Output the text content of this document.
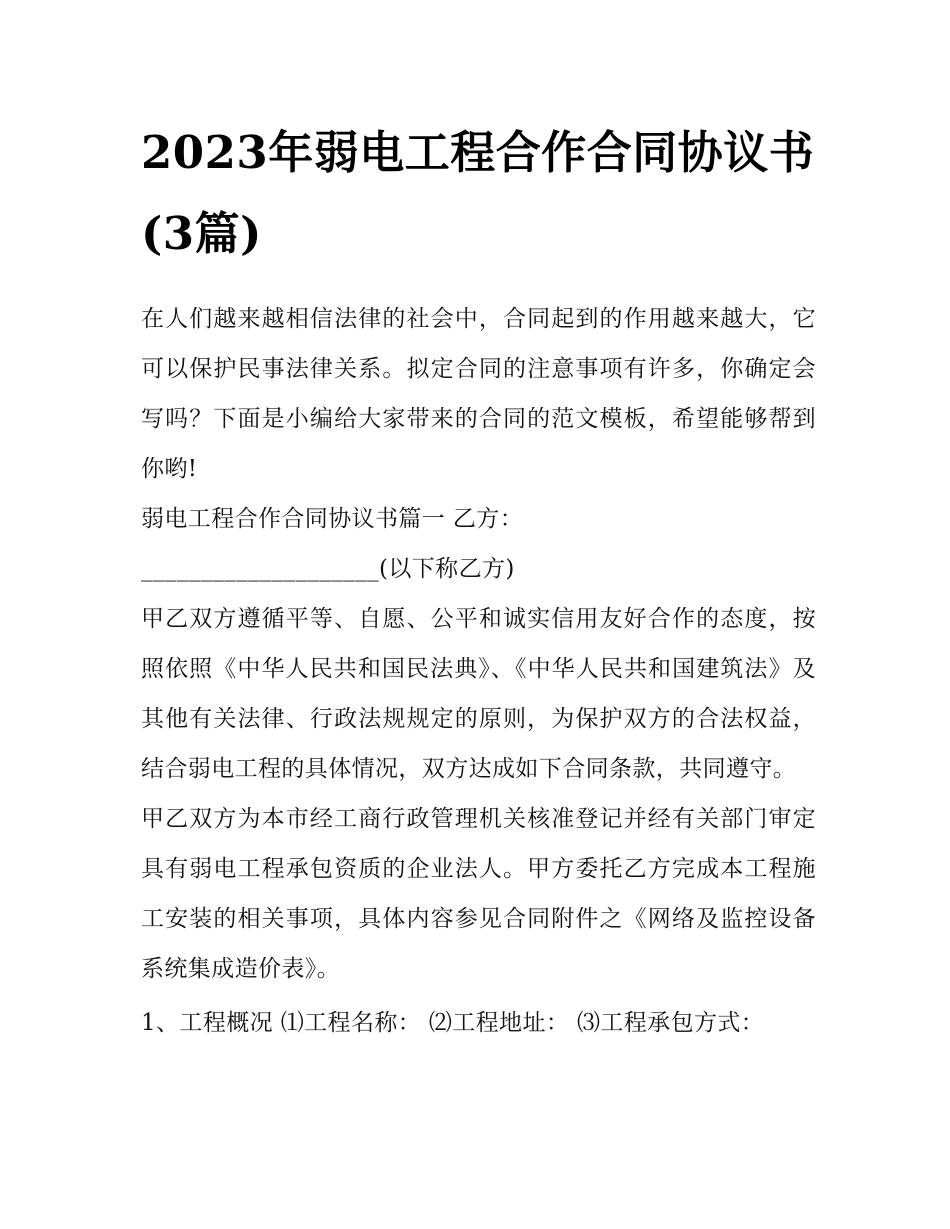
2023年弱电工程合作合同协议书(3篇)

在人们越来越相信法律的社会中，合同起到的作用越来越大，它可以保护民事法律关系。拟定合同的注意事项有许多，你确定会写吗？下面是小编给大家带来的合同的范文模板，希望能够帮到你哟!

弱电工程合作合同协议书篇一 乙方：

____________________(以下称乙方)

甲乙双方遵循平等、自愿、公平和诚实信用友好合作的态度，按照依照《中华人民共和国民法典》、《中华人民共和国建筑法》及其他有关法律、行政法规规定的原则，为保护双方的合法权益，结合弱电工程的具体情况，双方达成如下合同条款，共同遵守。

甲乙双方为本市经工商行政管理机关核准登记并经有关部门审定具有弱电工程承包资质的企业法人。甲方委托乙方完成本工程施工安装的相关事项，具体内容参见合同附件之《网络及监控设备系统集成造价表》。

1、工程概况 ⑴工程名称： ⑵工程地址： ⑶工程承包方式：
